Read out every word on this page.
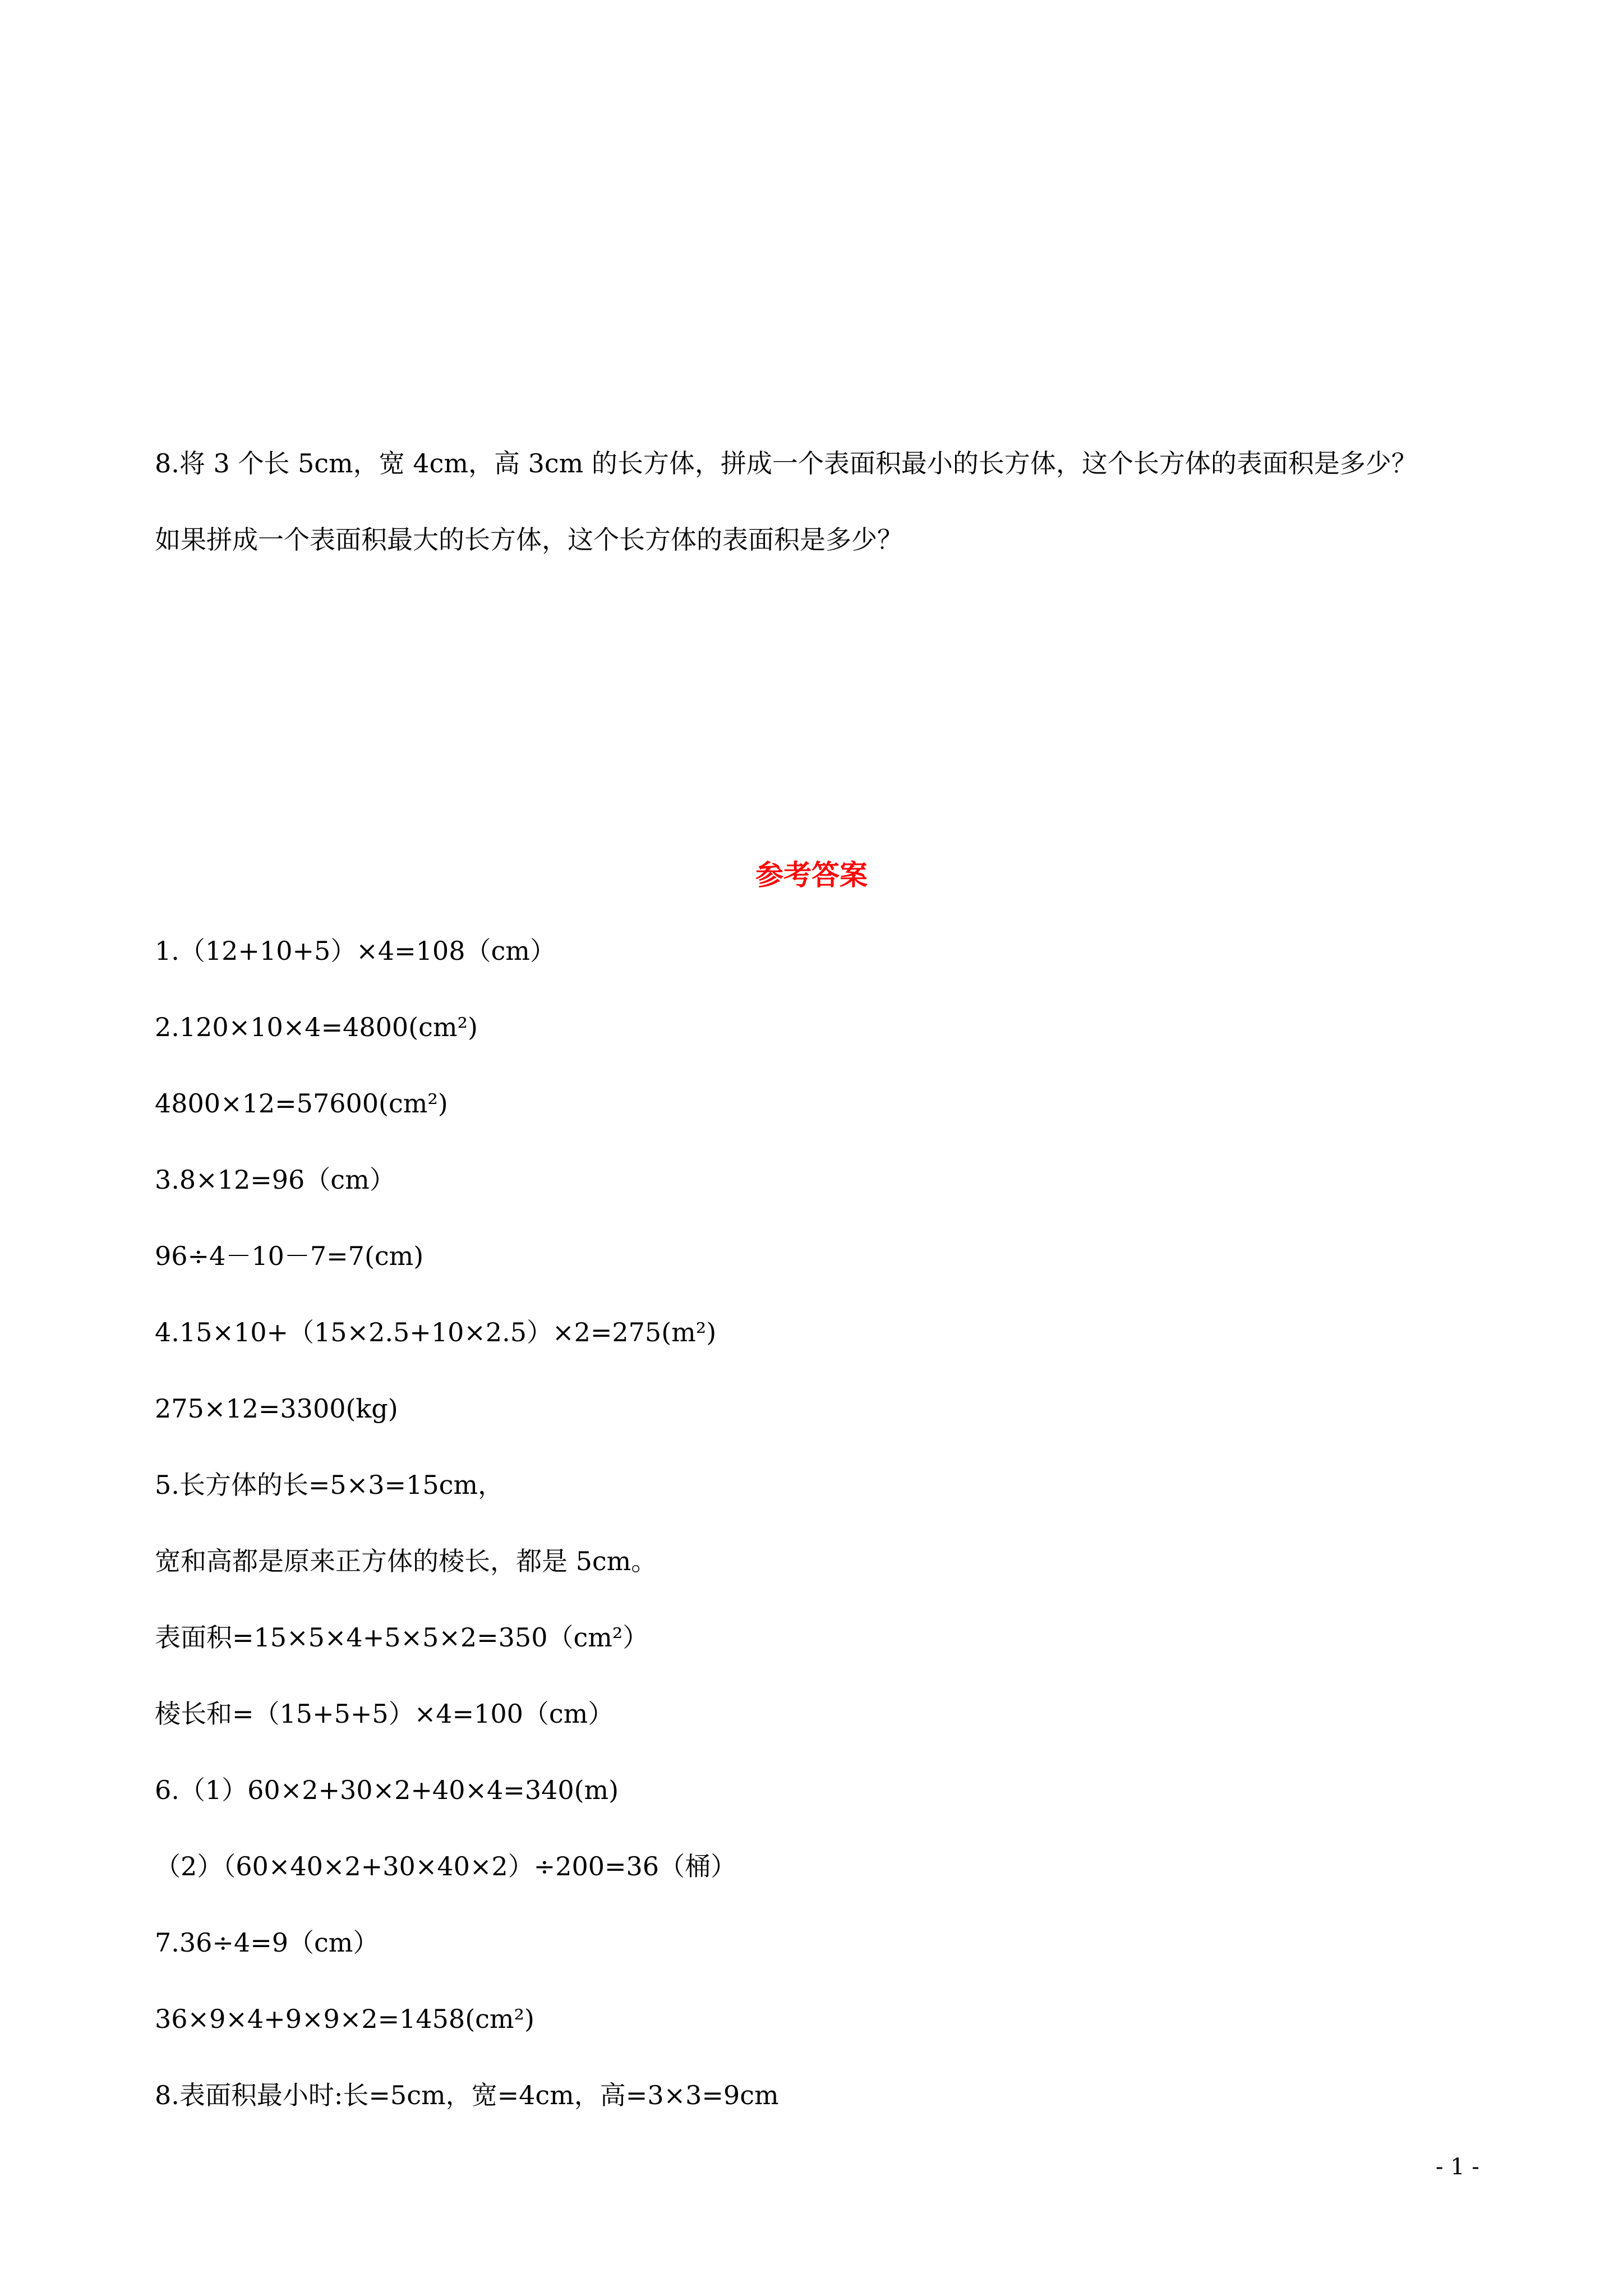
8.将 3 个长 5cm，宽 4cm，高 3cm 的长方体，拼成一个表面积最小的长方体，这个长方体的表面积是多少？
如果拼成一个表面积最大的长方体，这个长方体的表面积是多少？
参考答案
1.（12+10+5）×4=108（cm）
2.120×10×4=4800(cm²)
4800×12=57600(cm²)
3.8×12=96（cm）
96÷4－10－7=7(cm)
4.15×10+（15×2.5+10×2.5）×2=275(m²)
275×12=3300(kg)
5.长方体的长=5×3=15cm，
宽和高都是原来正方体的棱长，都是 5cm。
表面积=15×5×4+5×5×2=350（cm²）
棱长和=（15+5+5）×4=100（cm）
6.（1）60×2+30×2+40×4=340(m)
（2）（60×40×2+30×40×2）÷200=36（桶）
7.36÷4=9（cm）
36×9×4+9×9×2=1458(cm²)
8.表面积最小时:长=5cm，宽=4cm，高=3×3=9cm
- 1 -
